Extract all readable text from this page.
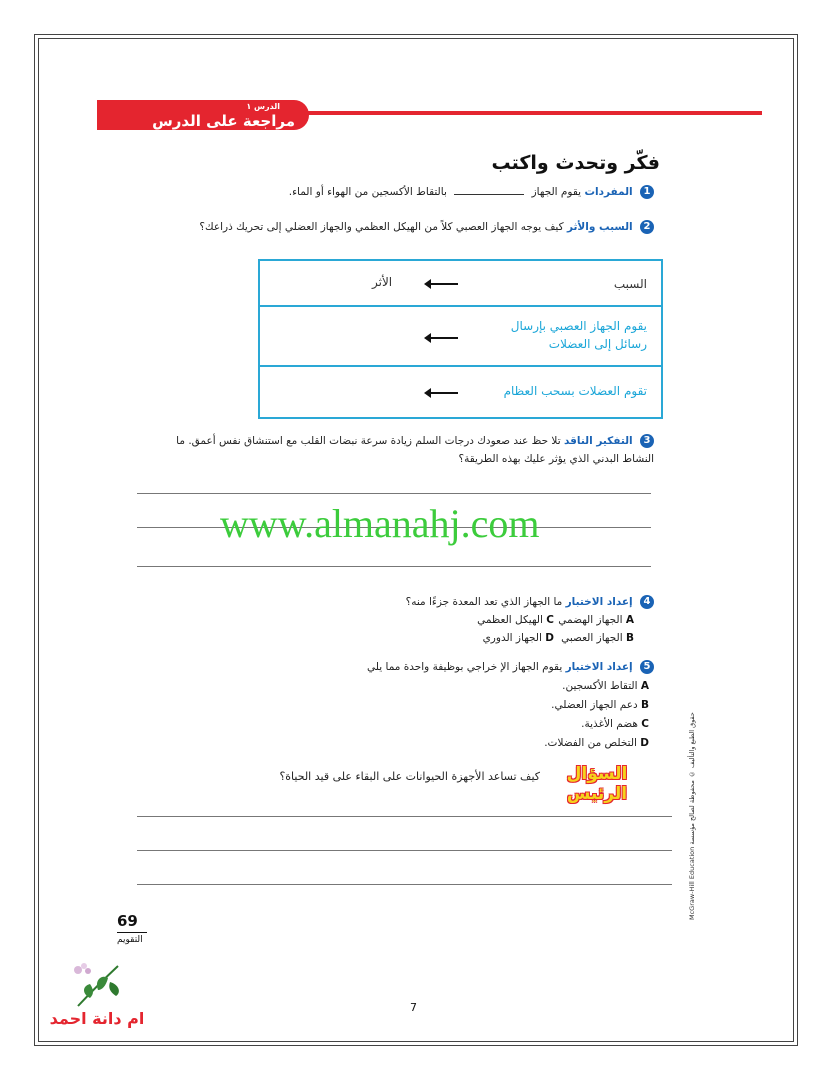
الدرس ١
مراجعة على الدرس
فكّر وتحدث واكتب
1 المفردات يقوم الجهاز  بالتقاط الأكسجين من الهواء أو الماء.
2 السبب والأثر كيف يوجه الجهاز العصبي كلاً من الهيكل العظمي والجهاز العضلي إلى تحريك ذراعك؟
السبب
الأثر
يقوم الجهاز العصبي بإرسال
رسائل إلى العضلات
تقوم العضلات بسحب العظام
3 التفكير الناقد تلا حظ عند صعودك درجات السلم زيادة سرعة نبضات القلب مع استنشاق نفس أعمق. ما
النشاط البدني الذي يؤثر عليك بهذه الطريقة؟
www.almanahj.com
4 إعداد الاختبار ما الجهاز الذي تعد المعدة جزءًا منه؟
A الجهاز الهضمي
C الهيكل العظمي
B الجهاز العصبي
D الجهاز الدوري
5 إعداد الاختبار يقوم الجهاز الإ خراجي بوظيفة واحدة مما يلي
A التقاط الأكسجين.
B دعم الجهاز العضلي.
C هضم الأغذية.
D التخلص من الفضلات.
السؤال الرئيس
كيف تساعد الأجهزة الحيوانات على البقاء على قيد الحياة؟
McGraw-Hill Education حقوق الطبع والتأليف © محفوظة لصالح مؤسسة
69
التقويم
ام دانة احمد
7
